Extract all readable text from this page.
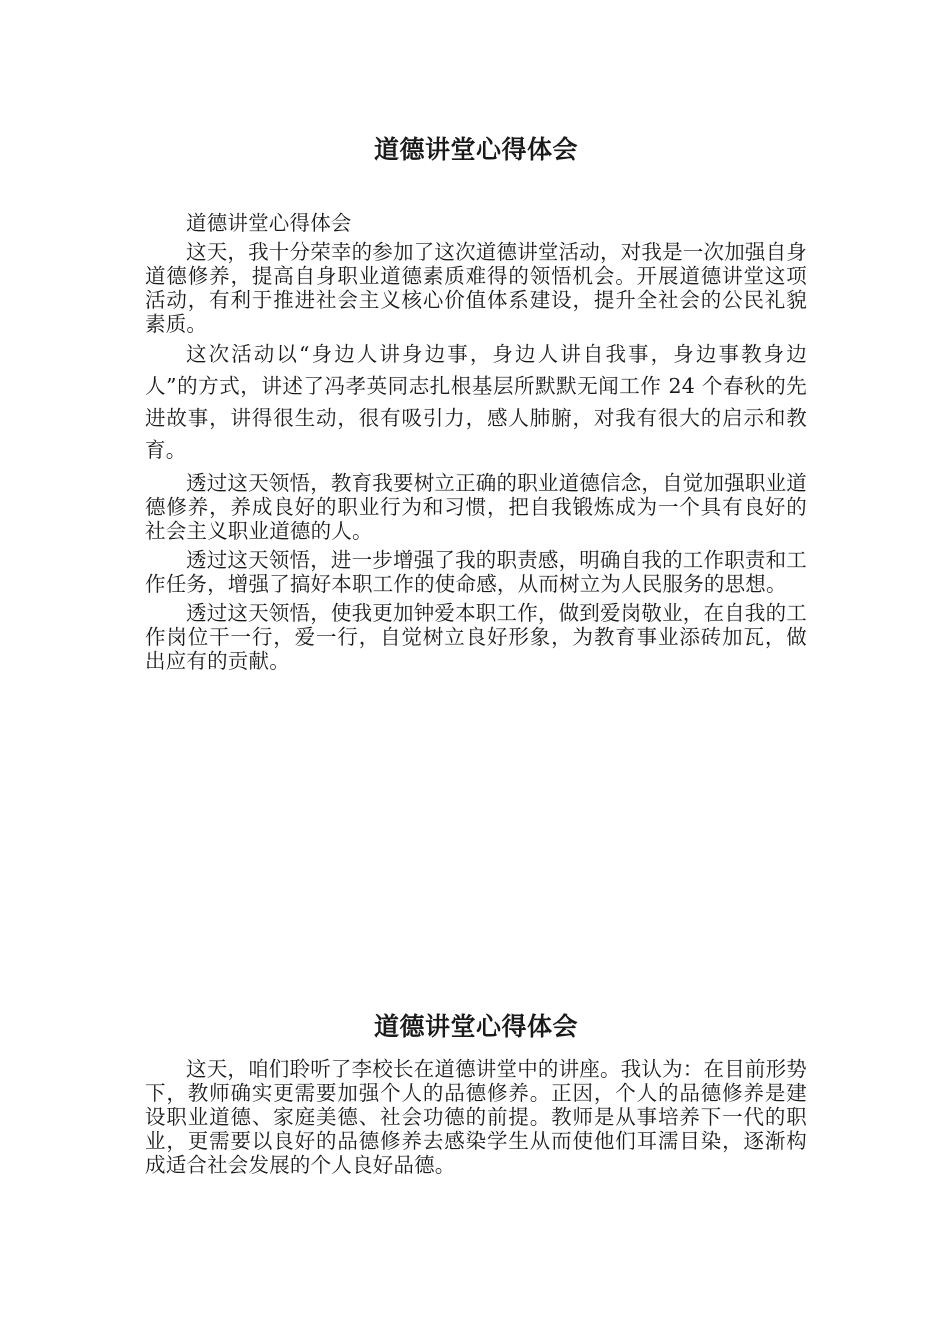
道德讲堂心得体会

道德讲堂心得体会

这天，我十分荣幸的参加了这次道德讲堂活动，对我是一次加强自身道德修养，提高自身职业道德素质难得的领悟机会。开展道德讲堂这项活动，有利于推进社会主义核心价值体系建设，提升全社会的公民礼貌素质。

这次活动以“身边人讲身边事，身边人讲自我事，身边事教身边人”的方式，讲述了冯孝英同志扎根基层所默默无闻工作 24 个春秋的先进故事，讲得很生动，很有吸引力，感人肺腑，对我有很大的启示和教育。

透过这天领悟，教育我要树立正确的职业道德信念，自觉加强职业道德修养，养成良好的职业行为和习惯，把自我锻炼成为一个具有良好的社会主义职业道德的人。

透过这天领悟，进一步增强了我的职责感，明确自我的工作职责和工作任务，增强了搞好本职工作的使命感，从而树立为人民服务的思想。

透过这天领悟，使我更加钟爱本职工作，做到爱岗敬业，在自我的工作岗位干一行，爱一行，自觉树立良好形象，为教育事业添砖加瓦，做出应有的贡献。

道德讲堂心得体会

这天，咱们聆听了李校长在道德讲堂中的讲座。我认为：在目前形势下，教师确实更需要加强个人的品德修养。正因，个人的品德修养是建设职业道德、家庭美德、社会功德的前提。教师是从事培养下一代的职业，更需要以良好的品德修养去感染学生从而使他们耳濡目染，逐渐构成适合社会发展的个人良好品德。
